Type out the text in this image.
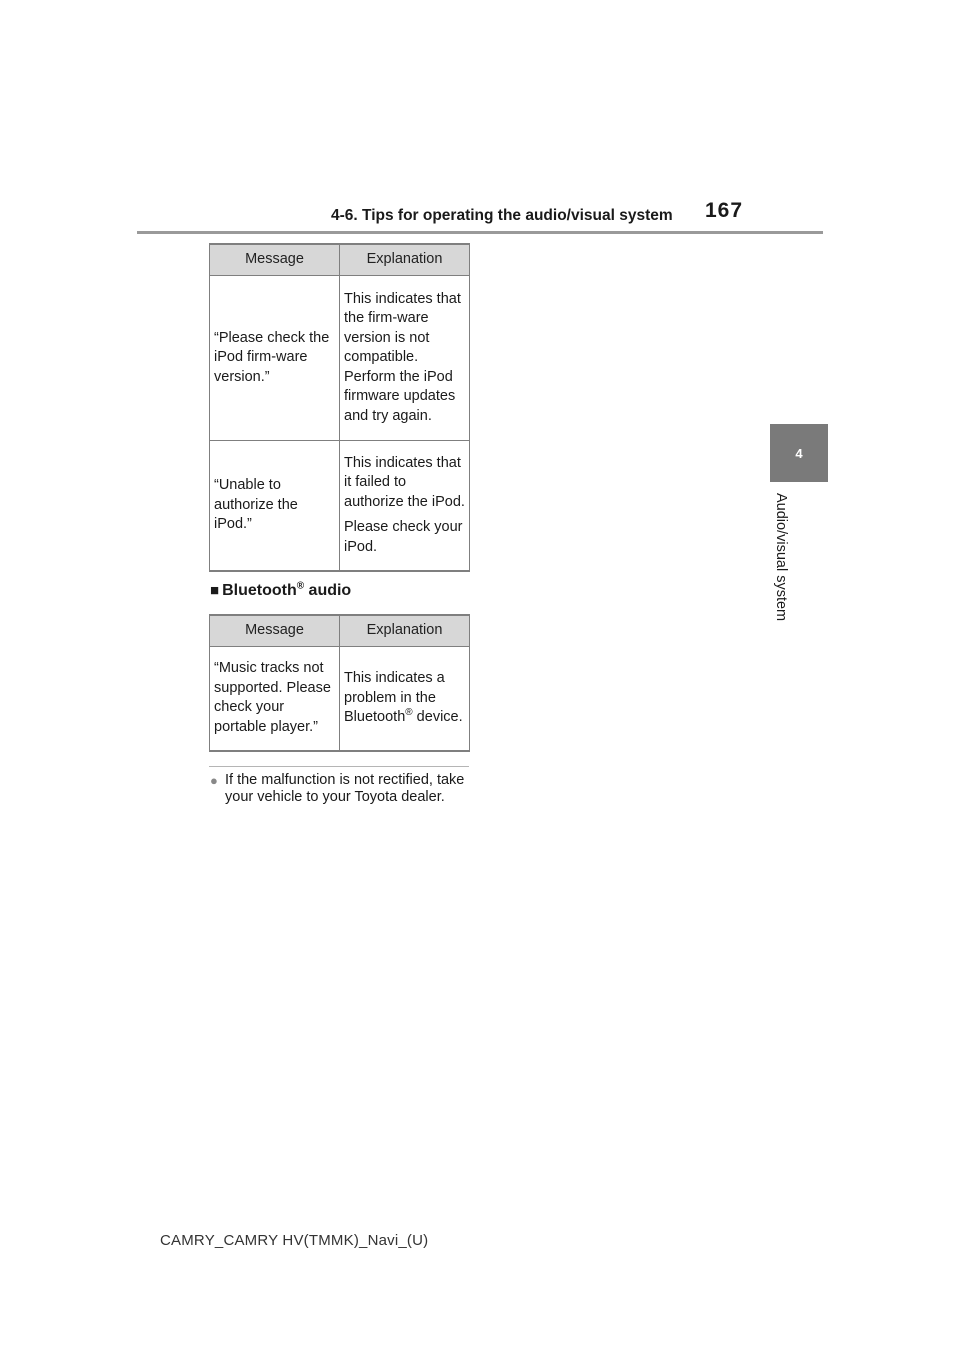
4-6. Tips for operating the audio/visual system 167
4
Audio/visual system
Message	Explanation
“Please check the iPod firm-ware version.”	This indicates that the firm-ware version is not compatible. Perform the iPod firmware updates and try again.
“Unable to authorize the iPod.”	This indicates that it failed to authorize the iPod.
Please check your iPod.
■ Bluetooth® audio
Message	Explanation
“Music tracks not supported. Please check your portable player.”	This indicates a problem in the Bluetooth® device.
● If the malfunction is not rectified, take your vehicle to your Toyota dealer.
CAMRY_CAMRY HV(TMMK)_Navi_(U)
